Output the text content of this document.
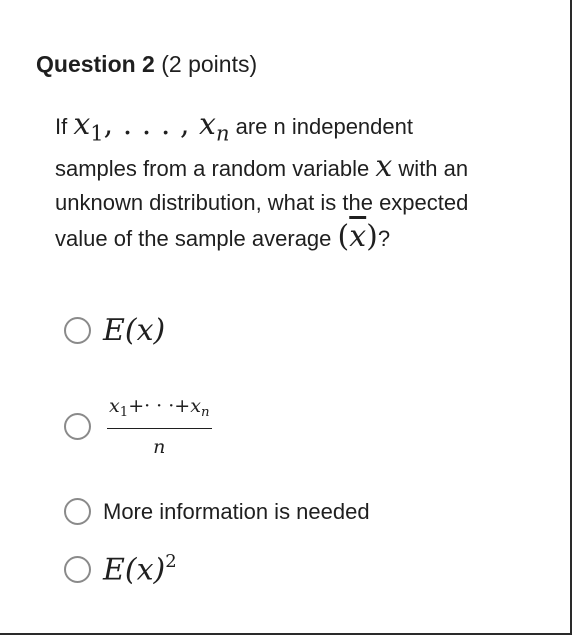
Question 2 (2 points)
If $x_1$, . . . , $x_n$ are n independent
samples from a random variable x with an
unknown distribution, what is the expected
value of the sample average $(\overline{x})$?
E(x)
$\frac{x_1+\cdot \cdot \cdot+x_n}{n}$
More information is needed
$E(x)^2$
